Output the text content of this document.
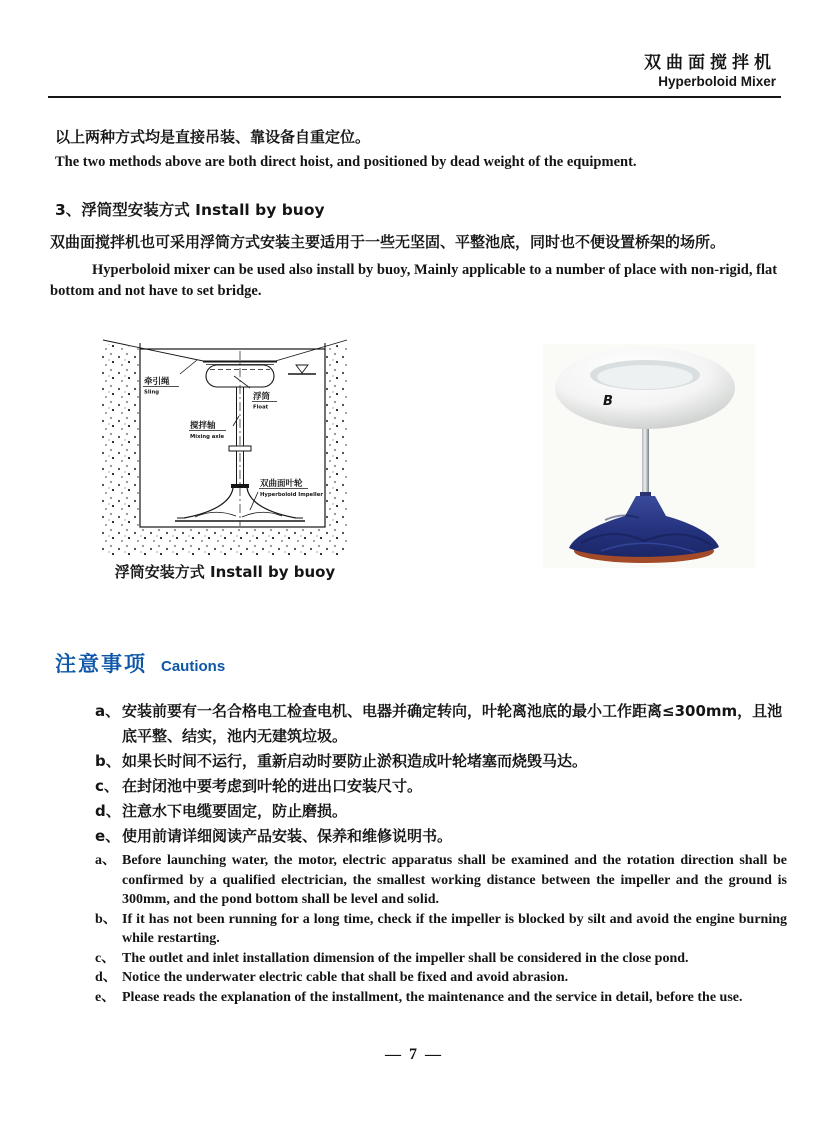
双曲面搅拌机
Hyperboloid Mixer
以上两种方式均是直接吊装、靠设备自重定位。
The two methods above are both direct hoist, and positioned by dead weight of the equipment.
3、浮筒型安装方式 Install by buoy
双曲面搅拌机也可采用浮筒方式安装主要适用于一些无坚固、平整池底，同时也不便设置桥架的场所。
Hyperboloid mixer can be used also install by buoy, Mainly applicable to a number of place with non-rigid, flat bottom and not have to set bridge.
牵引绳
Sling	浮筒
Float
搅拌轴
Mixing axle
双曲面叶轮
Hyperboloid Impeller
浮筒安装方式 Install by buoy
B
注意事项 Cautions
a、 安装前要有一名合格电工检查电机、电器并确定转向，叶轮离池底的最小工作距离≤300mm，且池底平整、结实，池内无建筑垃圾。
b、 如果长时间不运行，重新启动时要防止淤积造成叶轮堵塞而烧毁马达。
c、 在封闭池中要考虑到叶轮的进出口安装尺寸。
d、 注意水下电缆要固定，防止磨损。
e、 使用前请详细阅读产品安装、保养和维修说明书。
a、 Before launching water, the motor, electric apparatus shall be examined and the rotation direction shall be confirmed by a qualified electrician, the smallest working distance between the impeller and the ground is 300mm, and the pond bottom shall be level and solid.
b、 If it has not been running for a long time, check if the impeller is blocked by silt and avoid the engine burning while restarting.
c、 The outlet and inlet installation dimension of the impeller shall be considered in the close pond.
d、 Notice the underwater electric cable that shall be fixed and avoid abrasion.
e、 Please reads the explanation of the installment, the maintenance and the service in detail, before the use.
— 7 —
